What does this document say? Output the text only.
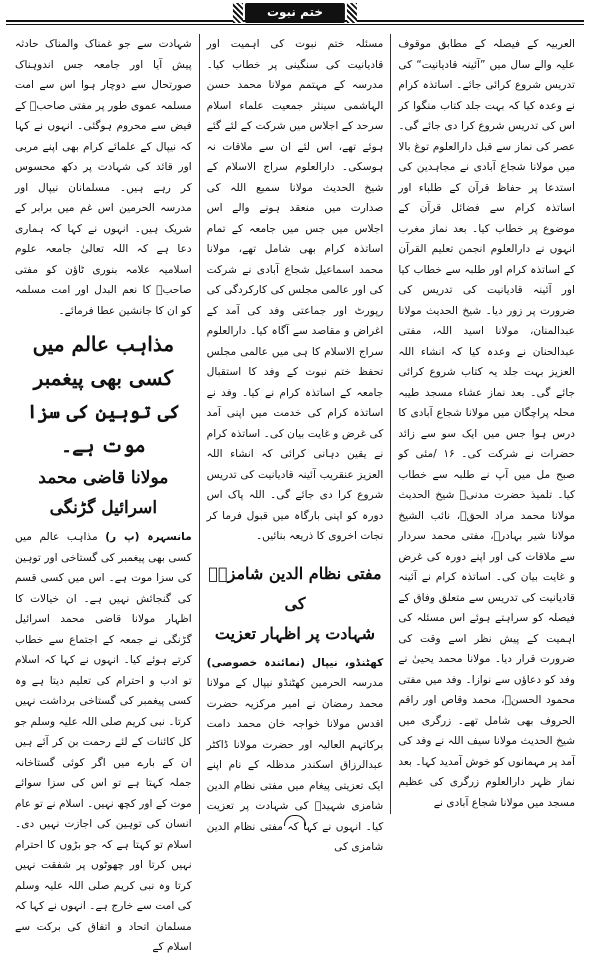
ختم نبوت

العربیہ کے فیصلہ کے مطابق موقوف علیہ والے سال میں ”آئینہ قادیانیت“ کی تدریس شروع کرائی جائے۔ اساتذہ کرام نے وعدہ کیا کہ بہت جلد کتاب منگوا کر اس کی تدریس شروع کرا دی جائے گی۔ عصر کی نماز سے قبل دارالعلوم توغ بالا میں مولانا شجاع آبادی نے مجاہدین کی استدعا پر حفاظ قرآن کے طلباء اور اساتذہ کرام سے فضائل قرآن کے موضوع پر خطاب کیا۔ بعد نماز مغرب انہوں نے دارالعلوم انجمن تعلیم القرآن کے اساتذہ کرام اور طلبہ سے خطاب کیا اور آئینہ قادیانیت کی تدریس کی ضرورت پر زور دیا۔ شیخ الحدیث مولانا عبدالمنان، مولانا اسید اللہ، مفتی عبدالحنان نے وعدہ کیا کہ انشاء اللہ العزیز بہت جلد یہ کتاب شروع کرائی جائے گی۔ بعد نماز عشاء مسجد طیبہ محلہ پراچگان میں مولانا شجاع آبادی کا درس ہوا جس میں ایک سو سے زائد حضرات نے شرکت کی۔ ۱۶ /مئی کو صبح مل میں آپ نے طلبہ سے خطاب کیا۔ تلمیذ حضرت مدنیؒ شیخ الحدیث مولانا محمد مراد الحقؒ، نائب الشیخ مولانا شیر بہادرؒ، مفتی محمد سردار سے ملاقات کی اور اپنے دورہ کی غرض و غایت بیان کی۔ اساتذہ کرام نے آئینہ قادیانیت کی تدریس سے متعلق وفاق کے فیصلہ کو سراہتے ہوئے اس مسئلہ کی اہمیت کے پیش نظر اسے وقت کی ضرورت قرار دیا۔ مولانا محمد یحییٰ نے وفد کو دعاؤں سے نوازا۔ وفد میں مفتی محمود الحسنؒ، محمد وقاص اور راقم الحروف بھی شامل تھے۔ زرگری میں شیخ الحدیث مولانا سیف اللہ نے وفد کی آمد پر مہمانوں کو خوش آمدید کہا۔ بعد نماز ظہر دارالعلوم زرگری کی عظیم مسجد میں مولانا شجاع آبادی نے

مسئلہ ختم نبوت کی اہمیت اور قادیانیت کی سنگینی پر خطاب کیا۔ مدرسہ کے مہتمم مولانا محمد حسن الہاشمی سینئر جمعیت علماء اسلام سرحد کے اجلاس میں شرکت کے لئے گئے ہوئے تھے، اس لئے ان سے ملاقات نہ ہوسکی۔ دارالعلوم سراج الاسلام کے شیخ الحدیث مولانا سمیع اللہ کی صدارت میں منعقد ہونے والے اس اجلاس میں جس میں جامعہ کے تمام اساتذہ کرام بھی شامل تھے، مولانا محمد اسماعیل شجاع آبادی نے شرکت کی اور عالمی مجلس کی کارکردگی کی رپورٹ اور جماعتی وفد کی آمد کے اغراض و مقاصد سے آگاہ کیا۔ دارالعلوم سراج الاسلام کا ہی میں عالمی مجلس تحفظ ختم نبوت کے وفد کا استقبال جامعہ کے اساتذہ کرام نے کیا۔ وفد نے اساتذہ کرام کی خدمت میں اپنی آمد کی غرض و غایت بیان کی۔ اساتذہ کرام نے یقین دہانی کرائی کہ انشاء اللہ العزیز عنقریب آئینہ قادیانیت کی تدریس شروع کرا دی جائے گی۔ اللہ پاک اس دورہ کو اپنی بارگاہ میں قبول فرما کر نجات اخروی کا ذریعہ بنائیں۔

مفتی نظام الدین شامزیؒ کی
شہادت پر اظہار تعزیت

کھٹنڈو، نیپال (نمائندہ خصوصی) مدرسہ الحرمین کھٹنڈو نیپال کے مولانا محمد رمضان نے امیر مرکزیہ حضرت اقدس مولانا خواجہ خان محمد دامت برکاتہم العالیہ اور حضرت مولانا ڈاکٹر عبدالرزاق اسکندر مدظلہ کے نام اپنے ایک تعزیتی پیغام میں مفتی نظام الدین شامزی شہیدؒ کی شہادت پر تعزیت کیا۔ انہوں نے کہا کہ مفتی نظام الدین شامزی کی

شہادت سے جو غمناک والمناک حادثہ پیش آیا اور جامعہ جس اندوہناک صورتحال سے دوچار ہوا اس سے امت مسلمہ عموی طور پر مفتی صاحبؒ کے فیض سے محروم ہوگئی۔ انہوں نے کہا کہ نیپال کے علمائے کرام بھی اپنے مربی اور قائد کی شہادت پر دکھ محسوس کر رہے ہیں۔ مسلمانان نیپال اور مدرسہ الحرمین اس غم میں برابر کے شریک ہیں۔ انہوں نے کہا کہ ہماری دعا ہے کہ اللہ تعالیٰ جامعہ علوم اسلامیہ علامہ بنوری ٹاؤن کو مفتی صاحبؒ کا نعم البدل اور امت مسلمہ کو ان کا جانشین عطا فرمائے۔

مذاہب عالم میں کسی بھی پیغمبر
کی توہین کی سزا موت ہے۔
مولانا قاضی محمد اسرائیل گڑنگی

مانسہرہ (پ ر) مذاہب عالم میں کسی بھی پیغمبر کی گستاخی اور توہین کی سزا موت ہے۔ اس میں کسی قسم کی گنجائش نہیں ہے۔ ان خیالات کا اظہار مولانا قاضی محمد اسرائیل گڑنگی نے جمعہ کے اجتماع سے خطاب کرتے ہوئے کیا۔ انہوں نے کہا کہ اسلام تو ادب و احترام کی تعلیم دیتا ہے وہ کسی پیغمبر کی گستاخی برداشت نہیں کرتا۔ نبی کریم صلی اللہ علیہ وسلم جو کل کائنات کے لئے رحمت بن کر آئے ہیں ان کے بارے میں اگر کوئی گستاخانہ جملہ کہتا ہے تو اس کی سزا سوائے موت کے اور کچھ نہیں۔ اسلام نے تو عام انسان کی توہین کی اجازت نہیں دی۔ اسلام تو کہتا ہے کہ جو بڑوں کا احترام نہیں کرتا اور چھوٹوں پر شفقت نہیں کرتا وہ نبی کریم صلی اللہ علیہ وسلم کی امت سے خارج ہے۔ انہوں نے کہا کہ مسلمان اتحاد و اتفاق کی برکت سے اسلام کے
